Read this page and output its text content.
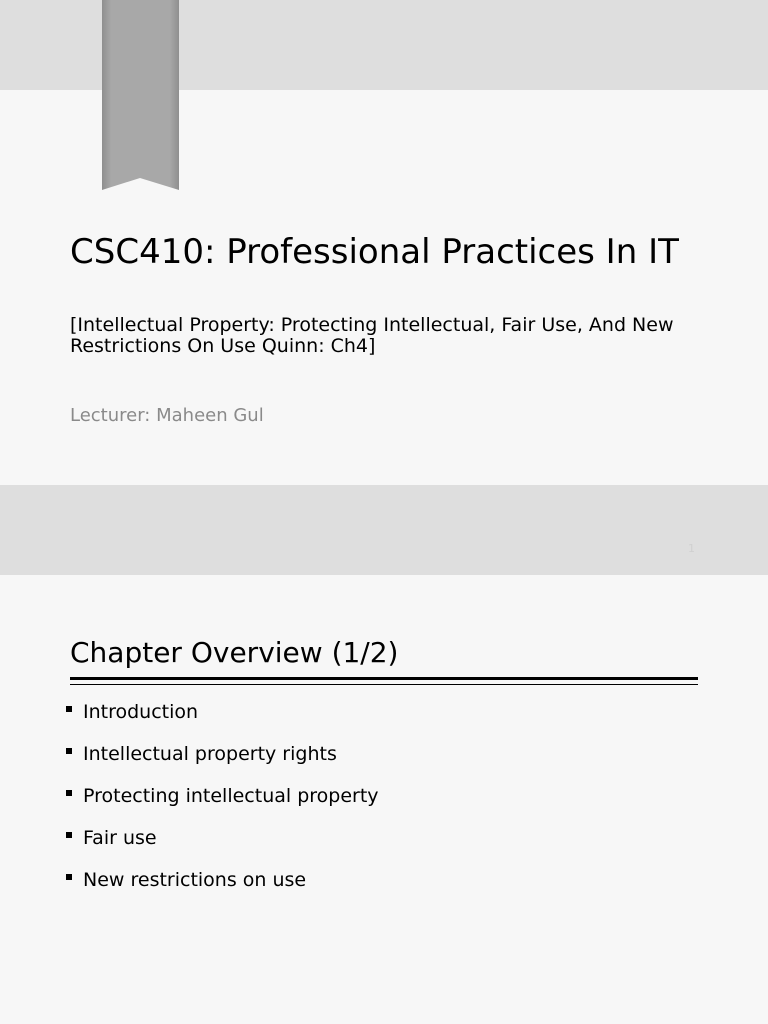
CSC410: Professional Practices In IT
[Intellectual Property: Protecting Intellectual, Fair Use, And New
Restrictions On Use Quinn: Ch4]
Lecturer: Maheen Gul
1
Chapter Overview (1/2)
Introduction
Intellectual property rights
Protecting intellectual property
Fair use
New restrictions on use
